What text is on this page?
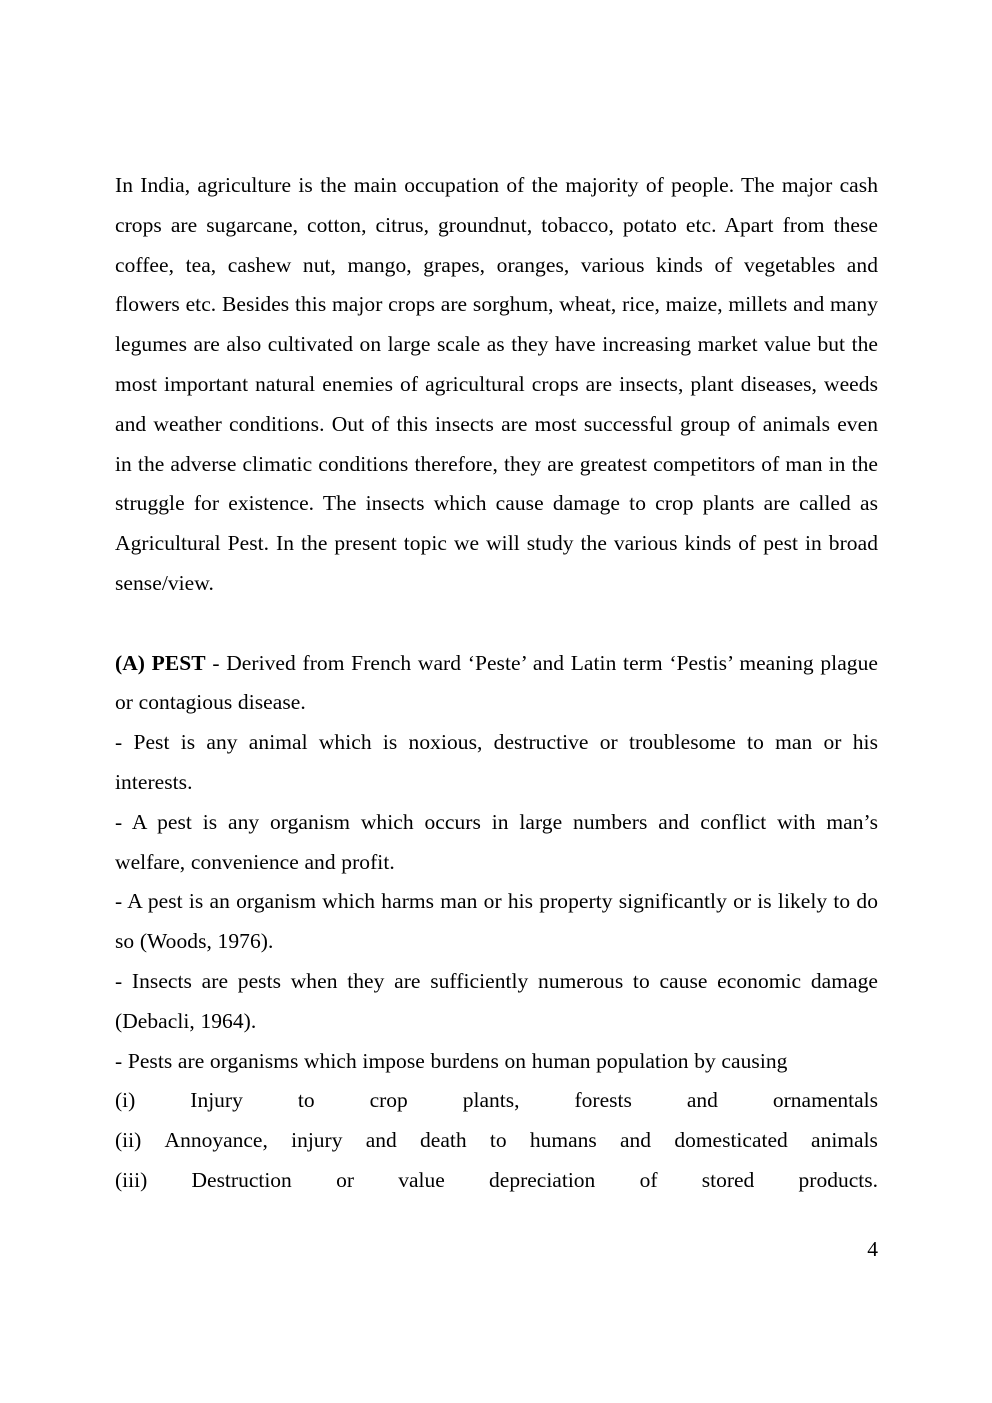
In India, agriculture is the main occupation of the majority of people. The major cash crops are sugarcane, cotton, citrus, groundnut, tobacco, potato etc. Apart from these coffee, tea, cashew nut, mango, grapes, oranges, various kinds of vegetables and flowers etc. Besides this major crops are sorghum, wheat, rice, maize, millets and many legumes are also cultivated on large scale as they have increasing market value but the most important natural enemies of agricultural crops are insects, plant diseases, weeds and weather conditions. Out of this insects are most successful group of animals even in the adverse climatic conditions therefore, they are greatest competitors of man in the struggle for existence. The insects which cause damage to crop plants are called as Agricultural Pest. In the present topic we will study the various kinds of pest in broad sense/view.

(A) PEST - Derived from French ward ‘Peste’ and Latin term ‘Pestis’ meaning plague or contagious disease.

- Pest is any animal which is noxious, destructive or troublesome to man or his interests.

- A pest is any organism which occurs in large numbers and conflict with man’s welfare, convenience and profit.

- A pest is an organism which harms man or his property significantly or is likely to do so (Woods, 1976).

- Insects are pests when they are sufficiently numerous to cause economic damage (Debacli, 1964).

- Pests are organisms which impose burdens on human population by causing

(i)	Injury	to	crop	plants,	forests	and	ornamentals
(ii) Annoyance, injury and death to humans and domesticated animals
(iii) Destruction or value depreciation of stored products.
4
